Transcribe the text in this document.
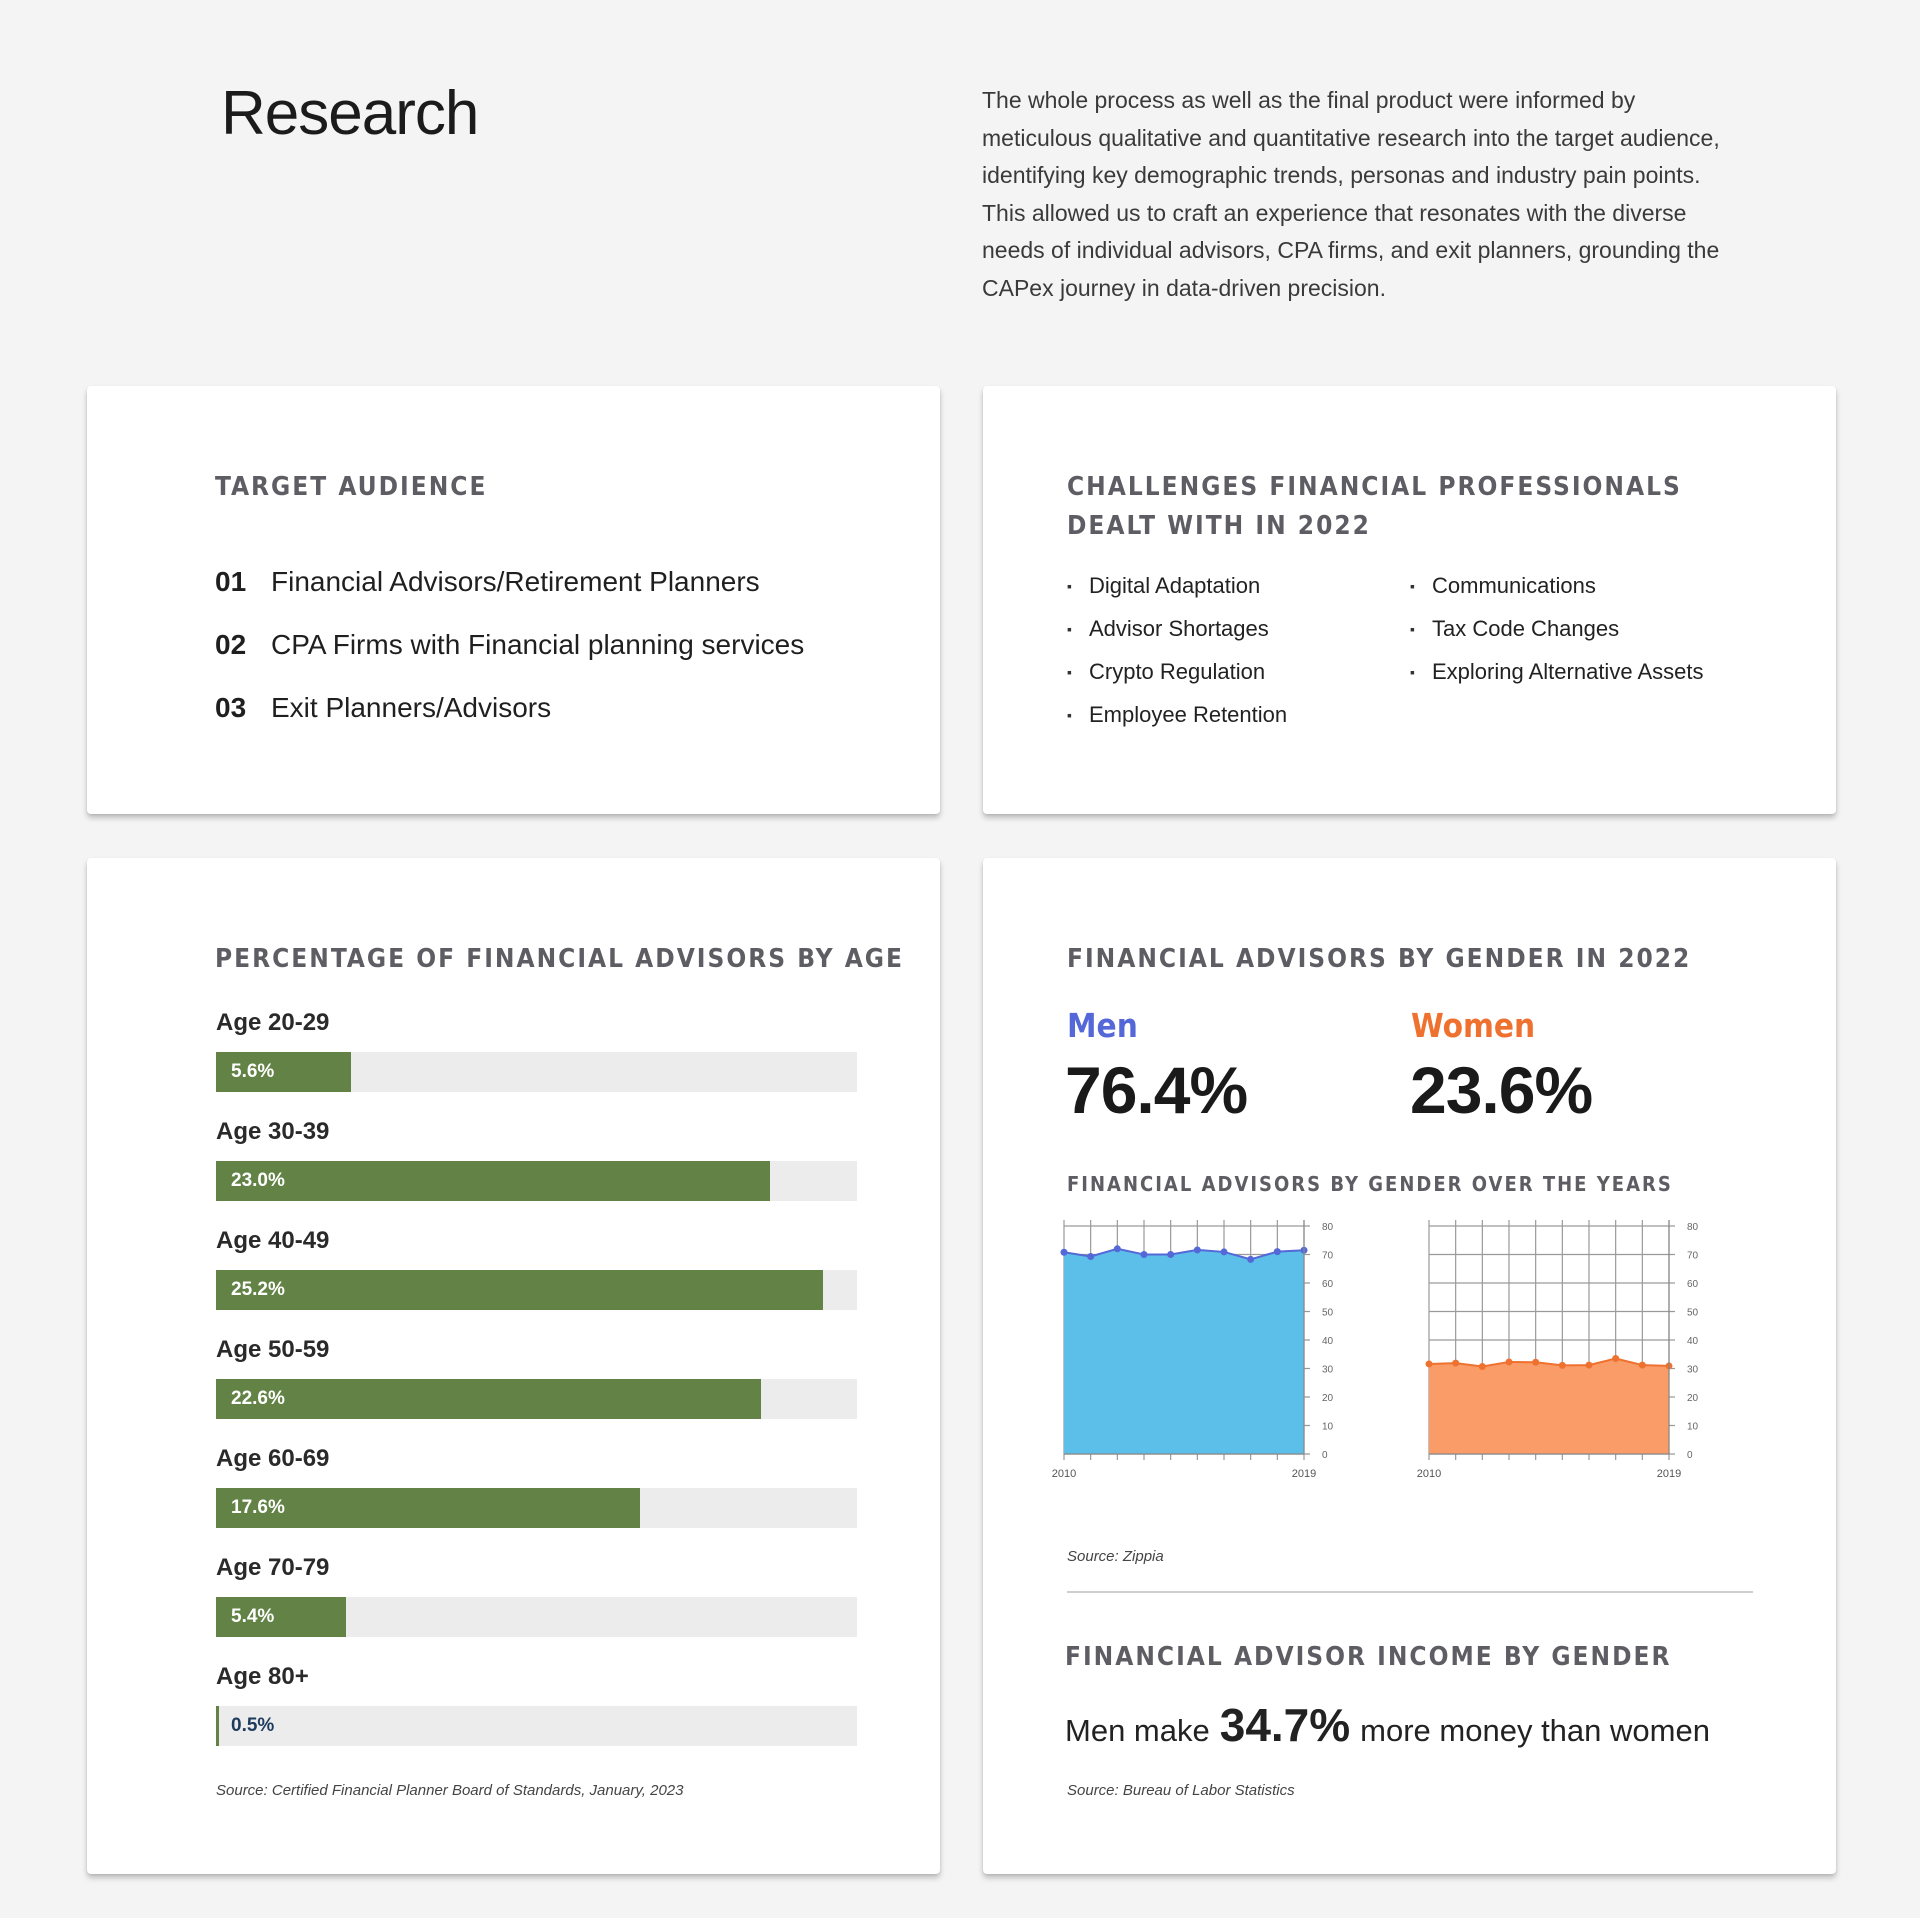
Research	The whole process as well as the final product were informed by meticulous qualitative and quantitative research into the target audience, identifying key demographic trends, personas and industry pain points. This allowed us to craft an experience that resonates with the diverse needs of individual advisors, CPA firms, and exit planners, grounding the CAPex journey in data-driven precision.
TARGET AUDIENCE
01 Financial Advisors/Retirement Planners
02 CPA Firms with Financial planning services
03 Exit Planners/Advisors
CHALLENGES FINANCIAL PROFESSIONALS
DEALT WITH IN 2022
▪ Digital Adaptation
▪ Advisor Shortages
▪ Crypto Regulation
▪ Employee Retention
▪ Communications
▪ Tax Code Changes
▪ Exploring Alternative Assets
PERCENTAGE OF FINANCIAL ADVISORS BY AGE
Age 20-29
5.6%
Age 30-39
23.0%
Age 40-49
25.2%
Age 50-59
22.6%
Age 60-69
17.6%
Age 70-79
5.4%
Age 80+
0.5%
Source: Certified Financial Planner Board of Standards, January, 2023
FINANCIAL ADVISORS BY GENDER IN 2022
Men	Women
76.4% 23.6%
FINANCIAL ADVISORS BY GENDER OVER THE YEARS
0
10
20
30
40
50
60
70
80
2010	2019
0
10
20
30
40
50
60
70
80
2010	2019
Source: Zippia
FINANCIAL ADVISOR INCOME BY GENDER
Men make 34.7% more money than women
Source: Bureau of Labor Statistics
